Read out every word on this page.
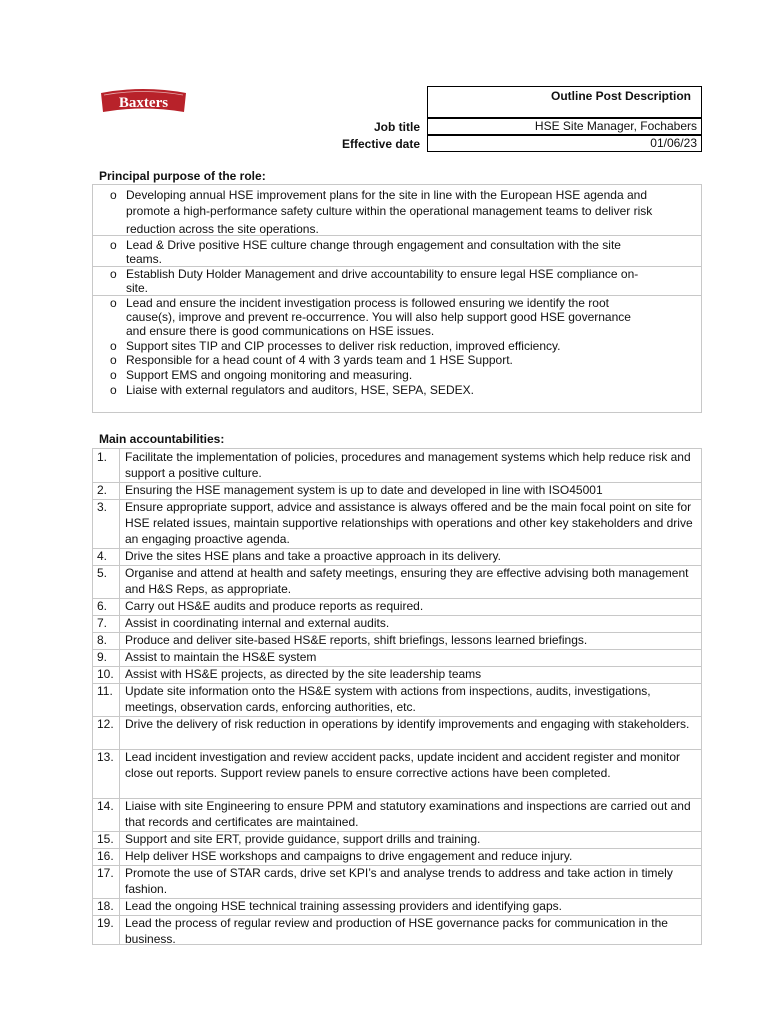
Baxters	Outline Post Description
Job title	HSE Site Manager, Fochabers
Effective date	01/06/23
Principal purpose of the role:
o Developing annual HSE improvement plans for the site in line with the European HSE agenda and
promote a high-performance safety culture within the operational management teams to deliver risk
reduction across the site operations.
o Lead & Drive positive HSE culture change through engagement and consultation with the site
teams.
o Establish Duty Holder Management and drive accountability to ensure legal HSE compliance on-
site.
o Lead and ensure the incident investigation process is followed ensuring we identify the root
cause(s), improve and prevent re-occurrence. You will also help support good HSE governance
and ensure there is good communications on HSE issues.
o Support sites TIP and CIP processes to deliver risk reduction, improved efficiency.
o Responsible for a head count of 4 with 3 yards team and 1 HSE Support.
o Support EMS and ongoing monitoring and measuring.
o Liaise with external regulators and auditors, HSE, SEPA, SEDEX.
Main accountabilities:
1.	Facilitate the implementation of policies, procedures and management systems which help reduce risk and support a positive culture.
2.	Ensuring the HSE management system is up to date and developed in line with ISO45001
3.	Ensure appropriate support, advice and assistance is always offered and be the main focal point on site for HSE related issues, maintain supportive relationships with operations and other key stakeholders and drive an engaging proactive agenda.
4.	Drive the sites HSE plans and take a proactive approach in its delivery.
5.	Organise and attend at health and safety meetings, ensuring they are effective advising both management and H&S Reps, as appropriate.
6.	Carry out HS&E audits and produce reports as required.
7.	Assist in coordinating internal and external audits.
8.	Produce and deliver site-based HS&E reports, shift briefings, lessons learned briefings.
9.	Assist to maintain the HS&E system
10. Assist with HS&E projects, as directed by the site leadership teams
11.	Update site information onto the HS&E system with actions from inspections, audits, investigations, meetings, observation cards, enforcing authorities, etc.
12. Drive the delivery of risk reduction in operations by identify improvements and engaging with stakeholders.
13. Lead incident investigation and review accident packs, update incident and accident register and monitor close out reports. Support review panels to ensure corrective actions have been completed.
14. Liaise with site Engineering to ensure PPM and statutory examinations and inspections are carried out and that records and certificates are maintained.
15. Support and site ERT, provide guidance, support drills and training.
16. Help deliver HSE workshops and campaigns to drive engagement and reduce injury.
17. Promote the use of STAR cards, drive set KPI’s and analyse trends to address and take action in timely fashion.
18. Lead the ongoing HSE technical training assessing providers and identifying gaps.
19. Lead the process of regular review and production of HSE governance packs for communication in the business.
